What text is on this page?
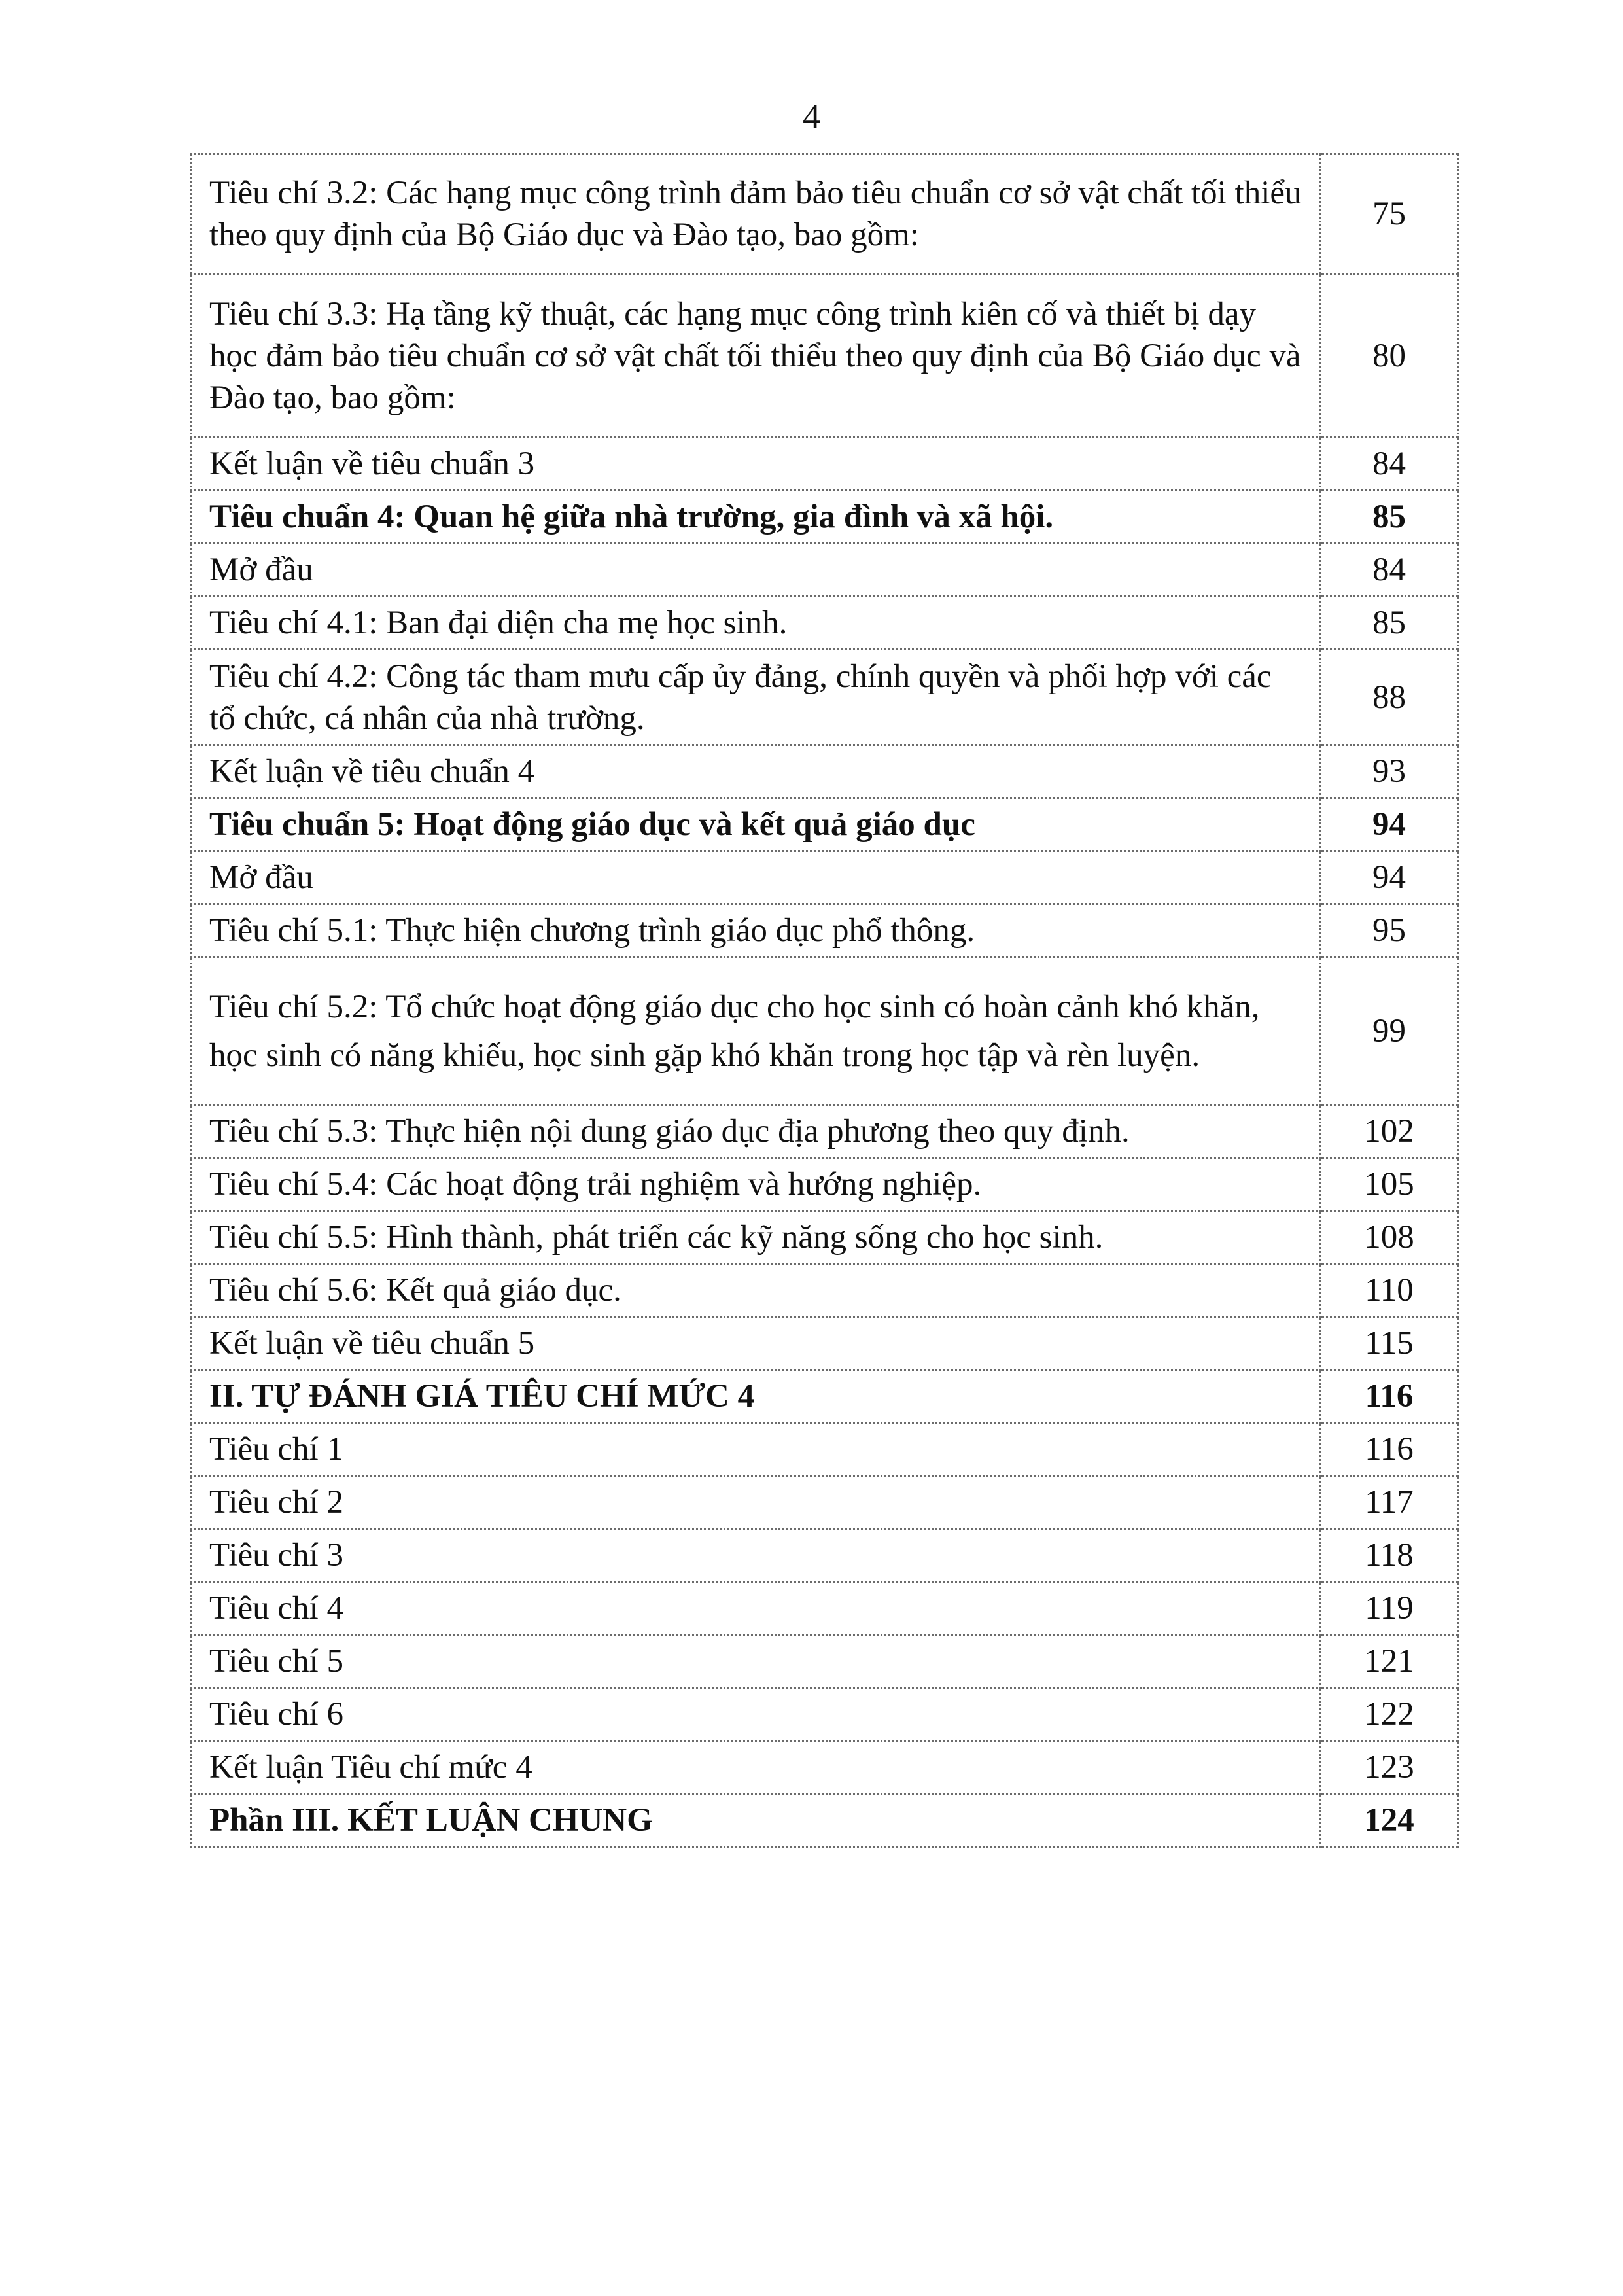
4
Tiêu chí 3.2: Các hạng mục công trình đảm bảo tiêu chuẩn cơ sở vật chất tối thiểu theo quy định của Bộ Giáo dục và Đào tạo, bao gồm:	75
Tiêu chí 3.3: Hạ tầng kỹ thuật, các hạng mục công trình kiên cố và thiết bị dạy học đảm bảo tiêu chuẩn cơ sở vật chất tối thiểu theo quy định của Bộ Giáo dục và Đào tạo, bao gồm:	80
Kết luận về tiêu chuẩn 3	84
Tiêu chuẩn 4: Quan hệ giữa nhà trường, gia đình và xã hội.	85
Mở đầu	84
Tiêu chí 4.1: Ban đại diện cha mẹ học sinh.	85
Tiêu chí 4.2: Công tác tham mưu cấp ủy đảng, chính quyền và phối hợp với các tổ chức, cá nhân của nhà trường.	88
Kết luận về tiêu chuẩn 4	93
Tiêu chuẩn 5: Hoạt động giáo dục và kết quả giáo dục	94
Mở đầu	94
Tiêu chí 5.1: Thực hiện chương trình giáo dục phổ thông.	95
Tiêu chí 5.2: Tổ chức hoạt động giáo dục cho học sinh có hoàn cảnh khó khăn, học sinh có năng khiếu, học sinh gặp khó khăn trong học tập và rèn luyện.	99
Tiêu chí 5.3: Thực hiện nội dung giáo dục địa phương theo quy định.	102
Tiêu chí 5.4: Các hoạt động trải nghiệm và hướng nghiệp.	105
Tiêu chí 5.5: Hình thành, phát triển các kỹ năng sống cho học sinh.	108
Tiêu chí 5.6: Kết quả giáo dục.	110
Kết luận về tiêu chuẩn 5	115
II. TỰ ĐÁNH GIÁ TIÊU CHÍ MỨC 4	116
Tiêu chí 1	116
Tiêu chí 2	117
Tiêu chí 3	118
Tiêu chí 4	119
Tiêu chí 5	121
Tiêu chí 6	122
Kết luận Tiêu chí mức 4	123
Phần III. KẾT LUẬN CHUNG	124
